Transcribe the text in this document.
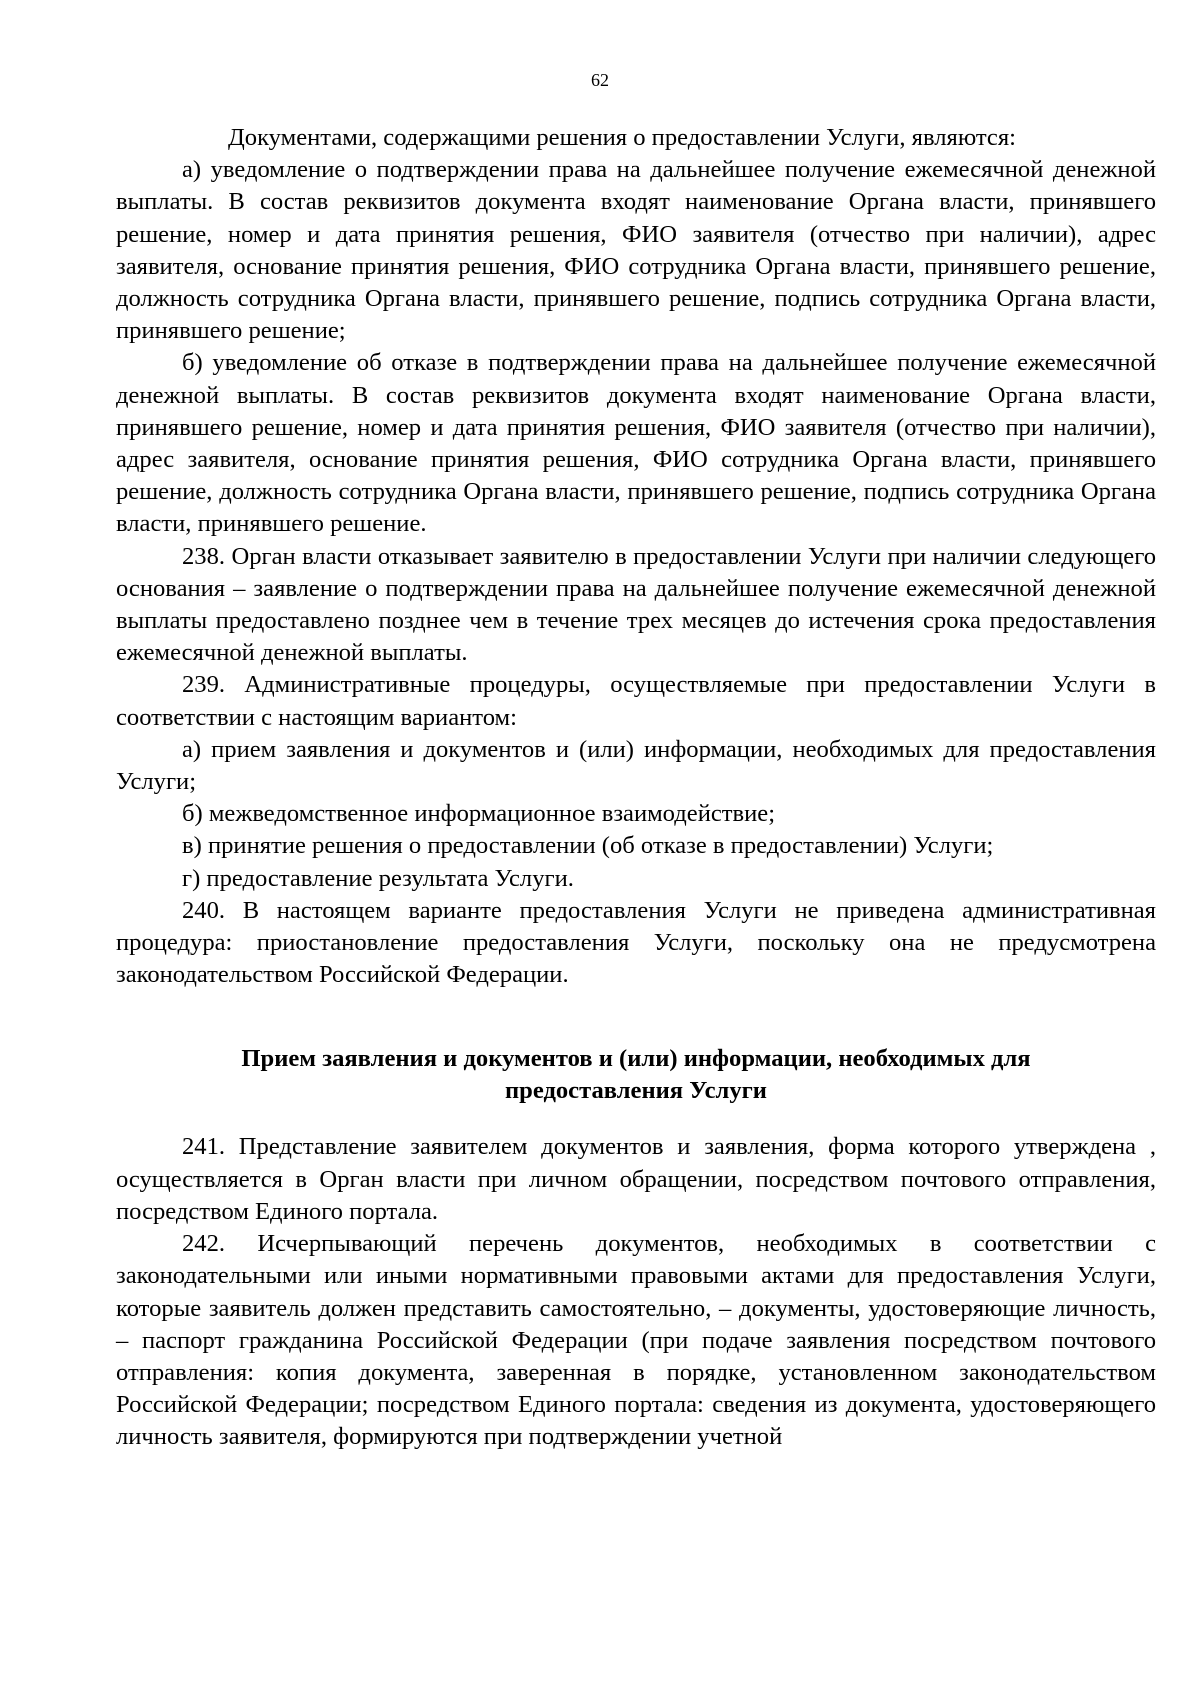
62

Документами, содержащими решения о предоставлении Услуги, являются:

а) уведомление о подтверждении права на дальнейшее получение ежемесячной денежной выплаты. В состав реквизитов документа входят наименование Органа власти, принявшего решение, номер и дата принятия решения, ФИО заявителя (отчество при наличии), адрес заявителя, основание принятия решения, ФИО сотрудника Органа власти, принявшего решение, должность сотрудника Органа власти, принявшего решение, подпись сотрудника Органа власти, принявшего решение;

б) уведомление об отказе в подтверждении права на дальнейшее получение ежемесячной денежной выплаты. В состав реквизитов документа входят наименование Органа власти, принявшего решение, номер и дата принятия решения, ФИО заявителя (отчество при наличии), адрес заявителя, основание принятия решения, ФИО сотрудника Органа власти, принявшего решение, должность сотрудника Органа власти, принявшего решение, подпись сотрудника Органа власти, принявшего решение.

238. Орган власти отказывает заявителю в предоставлении Услуги при наличии следующего основания – заявление о подтверждении права на дальнейшее получение ежемесячной денежной выплаты предоставлено позднее чем в течение трех месяцев до истечения срока предоставления ежемесячной денежной выплаты.

239. Административные процедуры, осуществляемые при предоставлении Услуги в соответствии с настоящим вариантом:

а) прием заявления и документов и (или) информации, необходимых для предоставления Услуги;

б) межведомственное информационное взаимодействие;

в) принятие решения о предоставлении (об отказе в предоставлении) Услуги;

г) предоставление результата Услуги.

240. В настоящем варианте предоставления Услуги не приведена административная процедура: приостановление предоставления Услуги, поскольку она не предусмотрена законодательством Российской Федерации.

Прием заявления и документов и (или) информации, необходимых для
предоставления Услуги

241. Представление заявителем документов и заявления, форма которого утверждена , осуществляется в Орган власти при личном обращении, посредством почтового отправления, посредством Единого портала.

242. Исчерпывающий перечень документов, необходимых в соответствии с законодательными или иными нормативными правовыми актами для предоставления Услуги, которые заявитель должен представить самостоятельно, – документы, удостоверяющие личность, – паспорт гражданина Российской Федерации (при подаче заявления посредством почтового отправления: копия документа, заверенная в порядке, установленном законодательством Российской Федерации; посредством Единого портала: сведения из документа, удостоверяющего личность заявителя, формируются при подтверждении учетной
